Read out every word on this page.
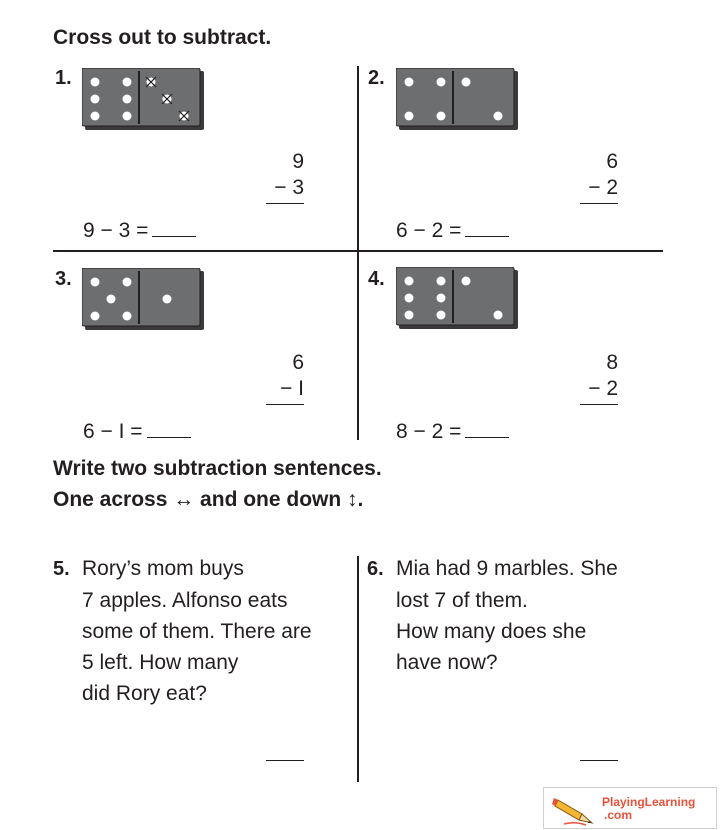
Cross out to subtract.
1.
9
− 3
9 − 3 =
2.
6
− 2
6 − 2 =
3.
6
− I
6 − I =
4.
8
− 2
8 − 2 =
Write two subtraction sentences.
One across ↔ and one down ↕.
5. Rory’s mom buys
7 apples. Alfonso eats
some of them. There are
5 left. How many
did Rory eat?
6. Mia had 9 marbles. She
lost 7 of them.
How many does she
have now?
PlayingLearning
.com
